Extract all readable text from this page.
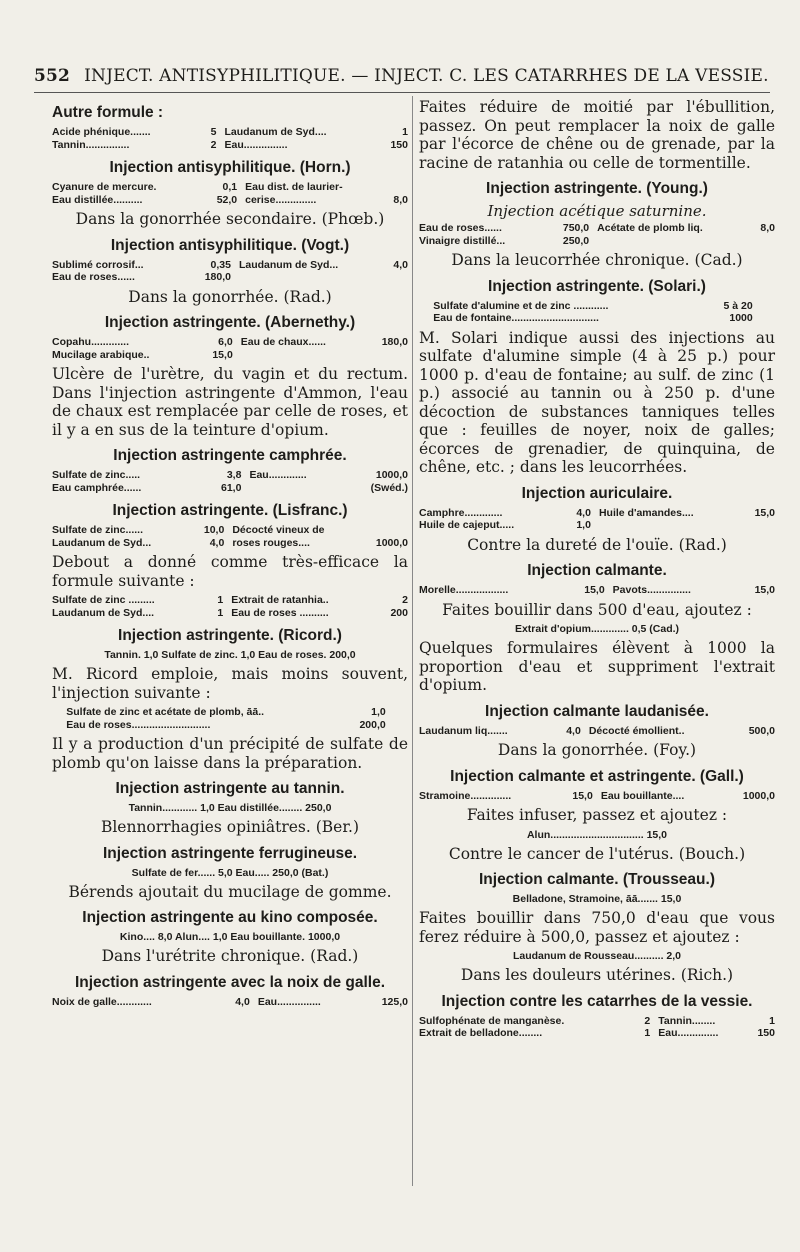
552 INJECT. ANTISYPHILITIQUE. — INJECT. C. LES CATARRHES DE LA VESSIE.
Autre formule :
Acide phénique.......	5	Laudanum de Syd....	1
Tannin...............	2	Eau...............	150
Injection antisyphilitique. (Horn.)
Cyanure de mercure.	0,1	Eau dist. de laurier-	
Eau distillée..........	52,0	cerise..............	8,0
Dans la gonorrhée secondaire. (Phœb.)
Injection antisyphilitique. (Vogt.)
Sublimé corrosif...	0,35	Laudanum de Syd...	4,0
Eau de roses......	180,0		
Dans la gonorrhée. (Rad.)
Injection astringente. (Abernethy.)
Copahu.............	6,0	Eau de chaux......	180,0
Mucilage arabique..	15,0		
Ulcère de l'urètre, du vagin et du rectum. Dans l'injection astringente d'Ammon, l'eau de chaux est remplacée par celle de roses, et il y a en sus de la teinture d'opium.
Injection astringente camphrée.
Sulfate de zinc.....	3,8	Eau.............	1000,0
Eau camphrée......	61,0		(Swéd.)
Injection astringente. (Lisfranc.)
Sulfate de zinc......	10,0	Décocté vineux de	
Laudanum de Syd...	4,0	roses rouges....	1000,0
Debout a donné comme très-efficace la formule suivante :
Sulfate de zinc .........	1	Extrait de ratanhia..	2
Laudanum de Syd....	1	Eau de roses ..........	200
Injection astringente. (Ricord.)
Tannin. 1,0 Sulfate de zinc. 1,0 Eau de roses. 200,0
M. Ricord emploie, mais moins souvent, l'injection suivante :
Sulfate de zinc et acétate de plomb, āā..	1,0		
Eau de roses...........................	200,0		
Il y a production d'un précipité de sulfate de plomb qu'on laisse dans la préparation.
Injection astringente au tannin.
Tannin............ 1,0 Eau distillée........ 250,0
Blennorrhagies opiniâtres. (Ber.)
Injection astringente ferrugineuse.
Sulfate de fer...... 5,0 Eau..... 250,0 (Bat.)
Bérends ajoutait du mucilage de gomme.
Injection astringente au kino composée.
Kino.... 8,0 Alun.... 1,0 Eau bouillante. 1000,0
Dans l'urétrite chronique. (Rad.)
Injection astringente avec la noix de galle.
Noix de galle............	4,0	Eau...............	125,0
Faites réduire de moitié par l'ébullition, passez. On peut remplacer la noix de galle par l'écorce de chêne ou de grenade, par la racine de ratanhia ou celle de tormentille.
Injection astringente. (Young.)
Injection acétique saturnine.
Eau de roses......	750,0	Acétate de plomb liq.	8,0
Vinaigre distillé...	250,0		
Dans la leucorrhée chronique. (Cad.)
Injection astringente. (Solari.)
Sulfate d'alumine et de zinc ............	5 à 20		
Eau de fontaine..............................	1000		
M. Solari indique aussi des injections au sulfate d'alumine simple (4 à 25 p.) pour 1000 p. d'eau de fontaine; au sulf. de zinc (1 p.) associé au tannin ou à 250 p. d'une décoction de substances tanniques telles que : feuilles de noyer, noix de galles; écorces de grenadier, de quinquina, de chêne, etc. ; dans les leucorrhées.
Injection auriculaire.
Camphre.............	4,0	Huile d'amandes....	15,0
Huile de cajeput.....	1,0		
Contre la dureté de l'ouïe. (Rad.)
Injection calmante.
Morelle..................	15,0	Pavots...............	15,0
Faites bouillir dans 500 d'eau, ajoutez :
Extrait d'opium............. 0,5 (Cad.)
Quelques formulaires élèvent à 1000 la proportion d'eau et suppriment l'extrait d'opium.
Injection calmante laudanisée.
Laudanum liq.......	4,0	Décocté émollient..	500,0
Dans la gonorrhée. (Foy.)
Injection calmante et astringente. (Gall.)
Stramoine..............	15,0	Eau bouillante....	1000,0
Faites infuser, passez et ajoutez :
Alun................................ 15,0
Contre le cancer de l'utérus. (Bouch.)
Injection calmante. (Trousseau.)
Belladone, Stramoine, āā....... 15,0
Faites bouillir dans 750,0 d'eau que vous ferez réduire à 500,0, passez et ajoutez :
Laudanum de Rousseau.......... 2,0
Dans les douleurs utérines. (Rich.)
Injection contre les catarrhes de la vessie.
Sulfophénate de manganèse.	2	Tannin........	1
Extrait de belladone........	1	Eau..............	150
